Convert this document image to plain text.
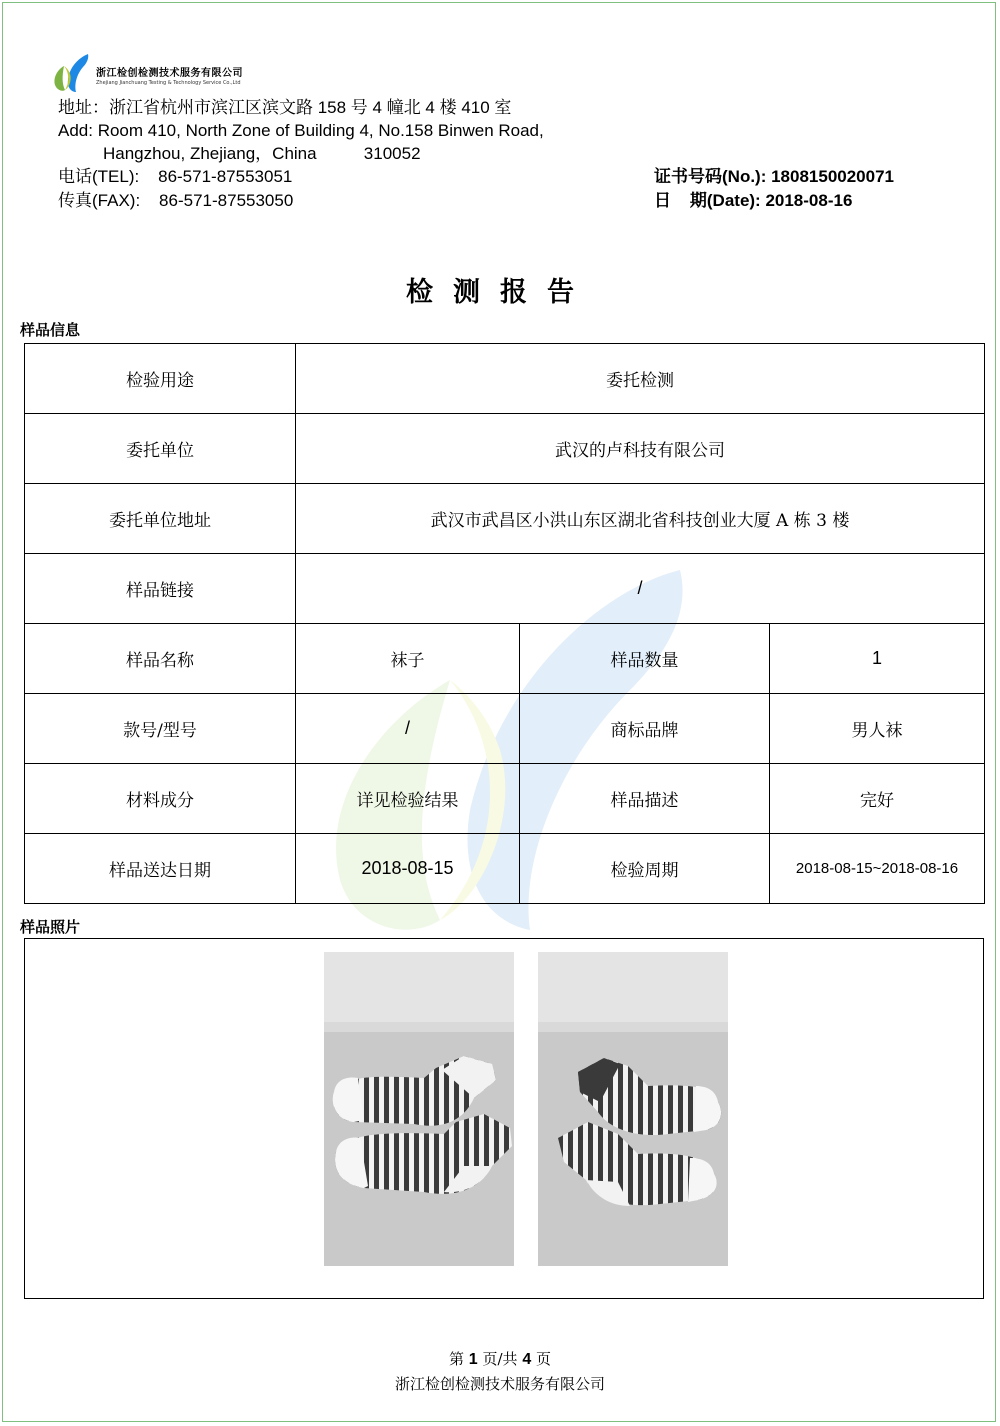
浙江检创检测技术服务有限公司
Zhejiang Jianchuang Testing & Technology Service Co.,Ltd
地址：浙江省杭州市滨江区滨文路 158 号 4 幢北 4 楼 410 室
Add: Room 410, North Zone of Building 4, No.158 Binwen Road,
Hangzhou, Zhejiang，China          310052
电话(TEL):    86-571-87553051
传真(FAX):    86-571-87553050
证书号码(No.): 1808150020071
日    期(Date): 2018-08-16
检测报告
样品信息
检验用途	委托检测		
委托单位	武汉的卢科技有限公司		
委托单位地址	武汉市武昌区小洪山东区湖北省科技创业大厦 A 栋 3 楼		
样品链接	/		
样品名称	袜子	样品数量	1
款号/型号	/	商标品牌	男人袜
材料成分	详见检验结果	样品描述	完好
样品送达日期	2018-08-15	检验周期	2018-08-15~2018-08-16
样品照片
第 1 页/共 4 页
浙江检创检测技术服务有限公司
